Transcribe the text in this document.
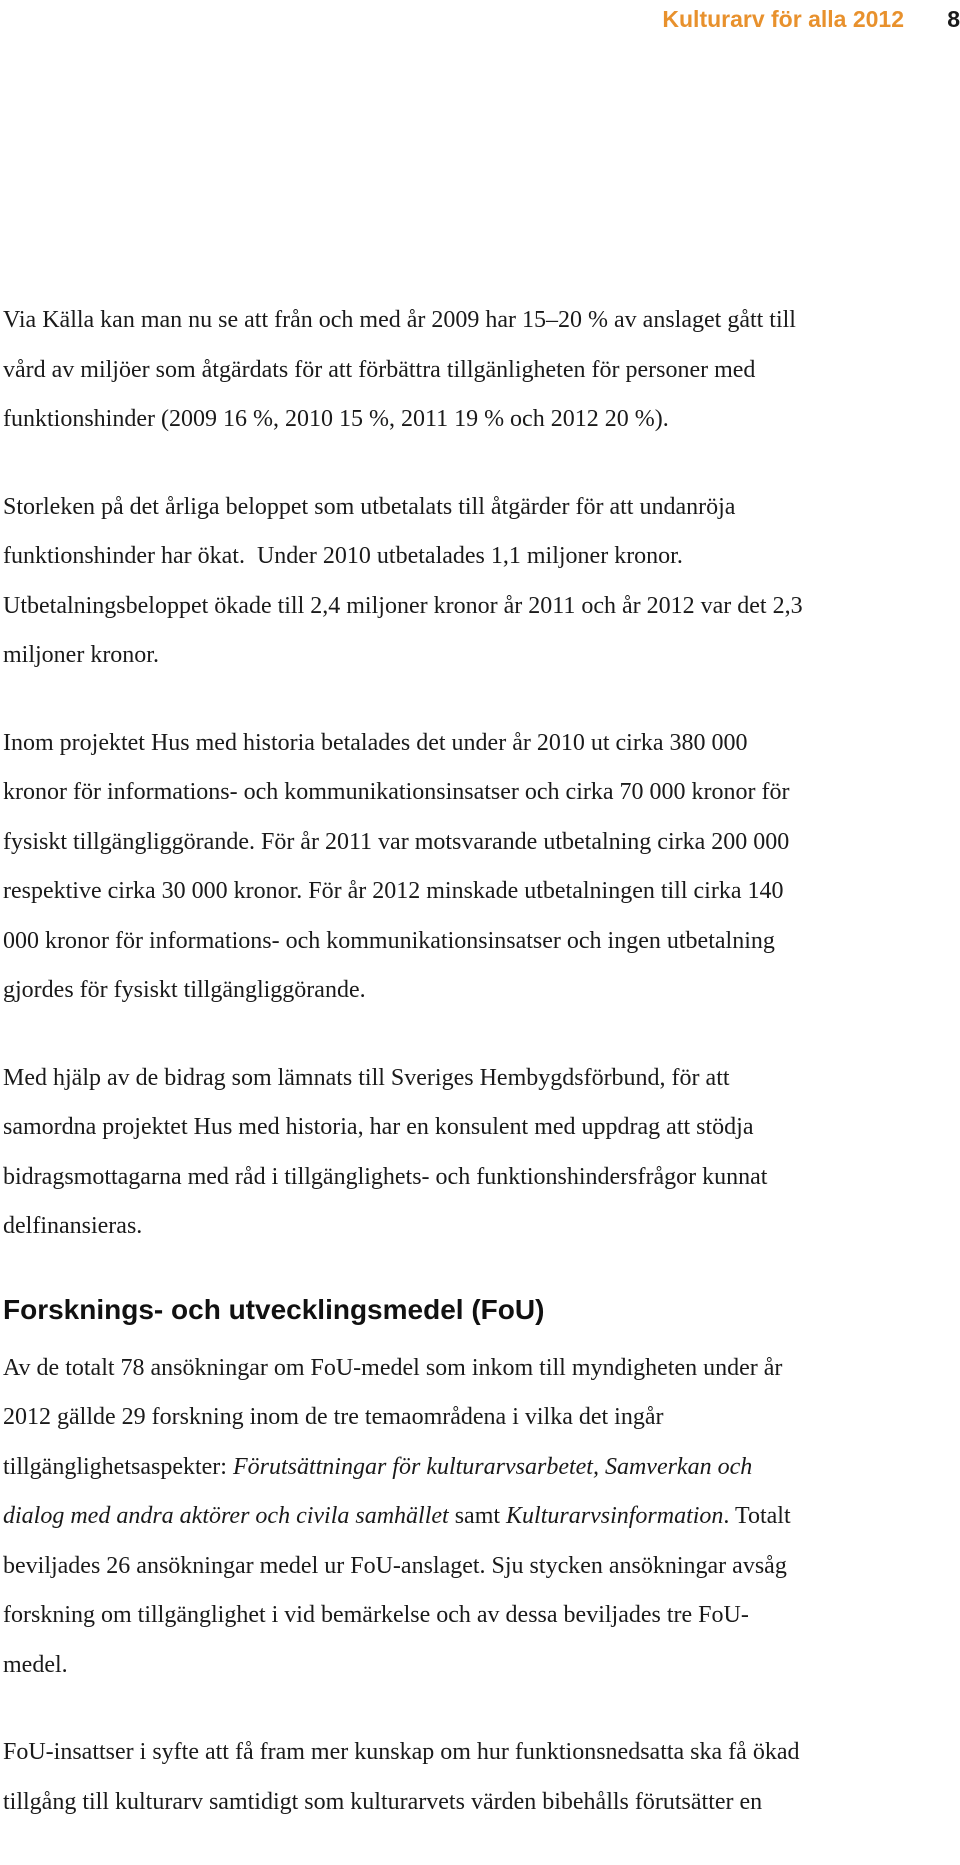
Kulturarv för alla 2012 8

Via Källa kan man nu se att från och med år 2009 har 15–20 % av anslaget gått till
vård av miljöer som åtgärdats för att förbättra tillgänligheten för personer med
funktionshinder (2009 16 %, 2010 15 %, 2011 19 % och 2012 20 %).

Storleken på det årliga beloppet som utbetalats till åtgärder för att undanröja
funktionshinder har ökat.  Under 2010 utbetalades 1,1 miljoner kronor.
Utbetalningsbeloppet ökade till 2,4 miljoner kronor år 2011 och år 2012 var det 2,3
miljoner kronor.

Inom projektet Hus med historia betalades det under år 2010 ut cirka 380 000
kronor för informations- och kommunikationsinsatser och cirka 70 000 kronor för
fysiskt tillgängliggörande. För år 2011 var motsvarande utbetalning cirka 200 000
respektive cirka 30 000 kronor. För år 2012 minskade utbetalningen till cirka 140
000 kronor för informations- och kommunikationsinsatser och ingen utbetalning
gjordes för fysiskt tillgängliggörande.

Med hjälp av de bidrag som lämnats till Sveriges Hembygdsförbund, för att
samordna projektet Hus med historia, har en konsulent med uppdrag att stödja
bidragsmottagarna med råd i tillgänglighets- och funktionshindersfrågor kunnat
delfinansieras.

Forsknings- och utvecklingsmedel (FoU)

Av de totalt 78 ansökningar om FoU-medel som inkom till myndigheten under år
2012 gällde 29 forskning inom de tre temaområdena i vilka det ingår
tillgänglighetsaspekter: Förutsättningar för kulturarvsarbetet, Samverkan och
dialog med andra aktörer och civila samhället samt Kulturarvsinformation. Totalt
beviljades 26 ansökningar medel ur FoU-anslaget. Sju stycken ansökningar avsåg
forskning om tillgänglighet i vid bemärkelse och av dessa beviljades tre FoU-
medel.

FoU-insattser i syfte att få fram mer kunskap om hur funktionsnedsatta ska få ökad
tillgång till kulturarv samtidigt som kulturarvets värden bibehålls förutsätter en
